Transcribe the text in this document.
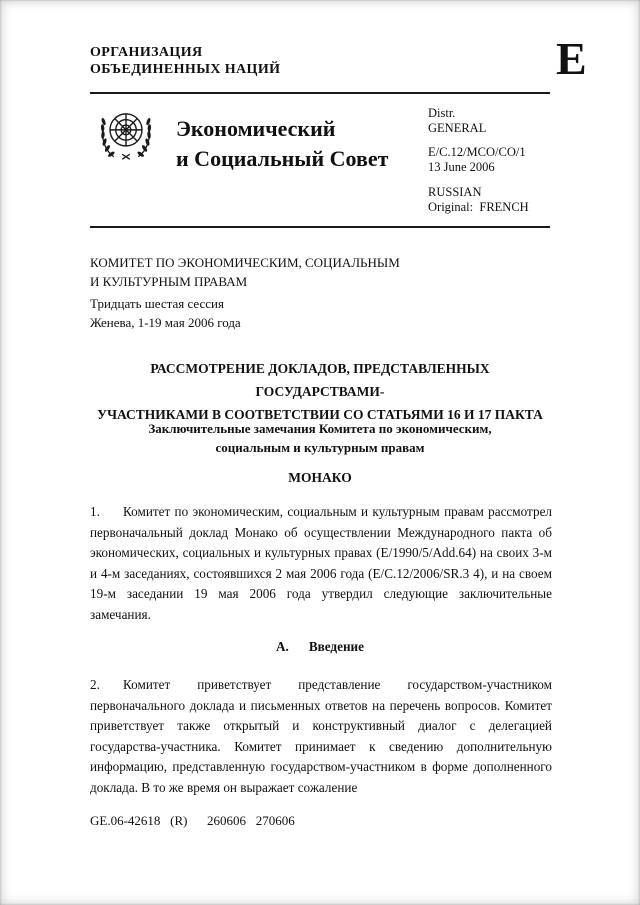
ОРГАНИЗАЦИЯ
ОБЪЕДИНЕННЫХ НАЦИЙ	E
Экономический
и Социальный Совет
Distr.
GENERAL
E/C.12/MCO/CO/1
13 June 2006
RUSSIAN
Original:  FRENCH
КОМИТЕТ ПО ЭКОНОМИЧЕСКИМ, СОЦИАЛЬНЫМ
И КУЛЬТУРНЫМ ПРАВАМ
Тридцать шестая сессия
Женева, 1-19 мая 2006 года
РАССМОТРЕНИЕ ДОКЛАДОВ, ПРЕДСТАВЛЕННЫХ ГОСУДАРСТВАМИ-
УЧАСТНИКАМИ В СООТВЕТСТВИИ СО СТАТЬЯМИ 16 И 17 ПАКТА
Заключительные замечания Комитета по экономическим,
социальным и культурным правам
МОНАКО

1. Комитет по экономическим, социальным и культурным правам рассмотрел первоначальный доклад Монако об осуществлении Международного пакта об экономических, социальных и культурных правах (E/1990/5/Add.64) на своих 3-м и 4-м заседаниях, состоявшихся 2 мая 2006 года (E/C.12/2006/SR.3 4), и на своем 19-м заседании 19 мая 2006 года утвердил следующие заключительные замечания.

A. Введение

2. Комитет приветствует представление государством-участником первоначального доклада и письменных ответов на перечень вопросов. Комитет приветствует также открытый и конструктивный диалог с делегацией государства-участника. Комитет принимает к сведению дополнительную информацию, представленную государством-участником в форме дополненного доклада. В то же время он выражает сожаление

GE.06-42618   (R)      260606   270606
